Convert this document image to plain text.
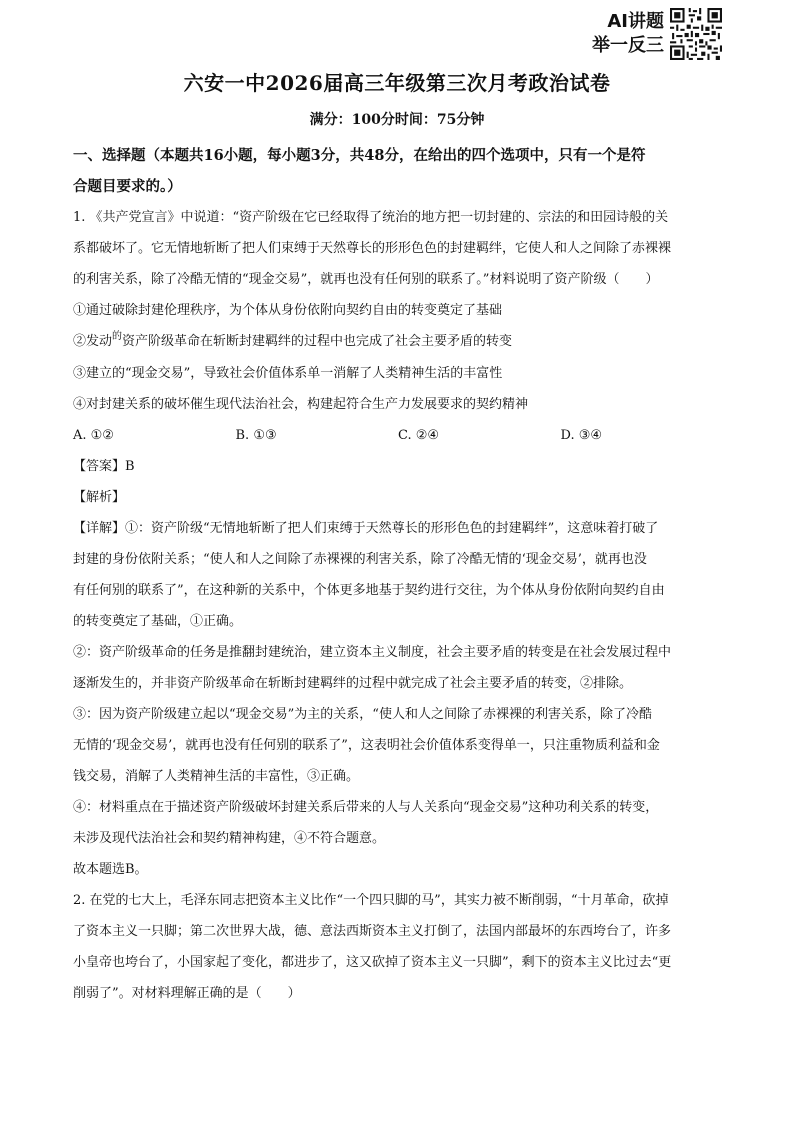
AI讲题
举一反三
六安一中2026届高三年级第三次月考政治试卷
满分：100分时间：75分钟

一、选择题（本题共16小题，每小题3分，共48分，在给出的四个选项中，只有一个是符

合题目要求的。）

1. 《共产党宣言》中说道：“资产阶级在它已经取得了统治的地方把一切封建的、宗法的和田园诗般的关

系都破坏了。它无情地斩断了把人们束缚于天然尊长的形形色色的封建羁绊，它使人和人之间除了赤裸裸

的利害关系，除了冷酷无情的“现金交易”，就再也没有任何别的联系了。”材料说明了资产阶级（　　）

①通过破除封建伦理秩序，为个体从身份依附向契约自由的转变奠定了基础

②发动$^的$资产阶级革命在斩断封建羁绊的过程中也完成了社会主要矛盾的转变

③建立的“现金交易”，导致社会价值体系单一消解了人类精神生活的丰富性

④对封建关系的破坏催生现代法治社会，构建起符合生产力发展要求的契约精神

A. ①②	B. ①③	C. ②④	D. ③④

【答案】B

【解析】

【详解】①：资产阶级“无情地斩断了把人们束缚于天然尊长的形形色色的封建羁绊”，这意味着打破了

封建的身份依附关系；“使人和人之间除了赤裸裸的利害关系，除了冷酷无情的‘现金交易’，就再也没

有任何别的联系了”，在这种新的关系中，个体更多地基于契约进行交往，为个体从身份依附向契约自由

的转变奠定了基础，①正确。

②：资产阶级革命的任务是推翻封建统治，建立资本主义制度，社会主要矛盾的转变是在社会发展过程中

逐渐发生的，并非资产阶级革命在斩断封建羁绊的过程中就完成了社会主要矛盾的转变，②排除。

③：因为资产阶级建立起以“现金交易”为主的关系，“使人和人之间除了赤裸裸的利害关系，除了冷酷

无情的‘现金交易’，就再也没有任何别的联系了”，这表明社会价值体系变得单一，只注重物质利益和金

钱交易，消解了人类精神生活的丰富性，③正确。

④：材料重点在于描述资产阶级破坏封建关系后带来的人与人关系向“现金交易”这种功利关系的转变，

未涉及现代法治社会和契约精神构建，④不符合题意。

故本题选B。

2. 在党的七大上，毛泽东同志把资本主义比作“一个四只脚的马”，其实力被不断削弱，“十月革命，砍掉

了资本主义一只脚；第二次世界大战，德、意法西斯资本主义打倒了，法国内部最坏的东西垮台了，许多

小皇帝也垮台了，小国家起了变化，都进步了，这又砍掉了资本主义一只脚”，剩下的资本主义比过去“更

削弱了”。对材料理解正确的是（　　）
